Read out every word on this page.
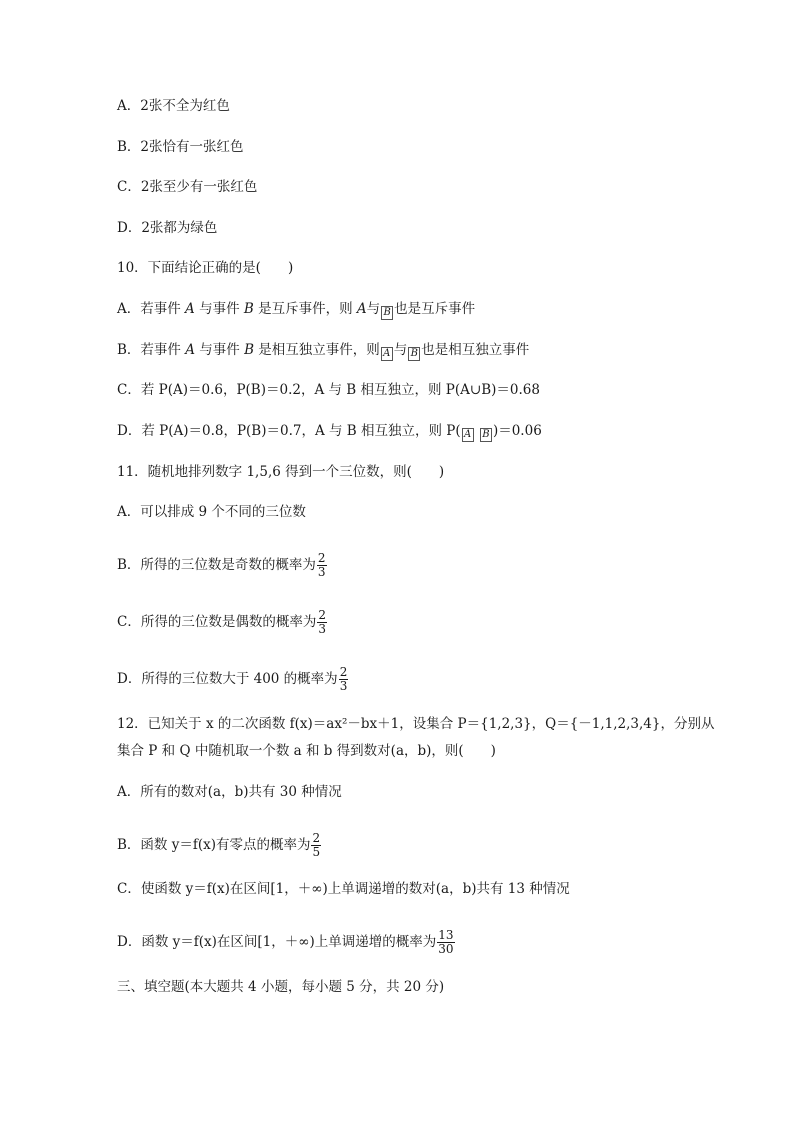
A．2张不全为红色
B．2张恰有一张红色
C．2张至少有一张红色
D．2张都为绿色
10．下面结论正确的是(　　)
A．若事件 A 与事件 B 是互斥事件，则 A与 B 也是互斥事件
B．若事件 A 与事件 B 是相互独立事件，则 A 与 B 也是相互独立事件
C．若 P(A)＝0.6，P(B)＝0.2，A 与 B 相互独立，则 P(A∪B)＝0.68
D．若 P(A)＝0.8，P(B)＝0.7，A 与 B 相互独立，则 P( A B )＝0.06
11．随机地排列数字 1,5,6 得到一个三位数，则(　　)
A．可以排成 9 个不同的三位数
B．所得的三位数是奇数的概率为 $\frac{2}{3}$
C．所得的三位数是偶数的概率为 $\frac{2}{3}$
D．所得的三位数大于 400 的概率为 $\frac{2}{3}$
12．已知关于 x 的二次函数 f(x)＝ax²－bx＋1，设集合 P＝{1,2,3}，Q＝{－1,1,2,3,4}，分别从
集合 P 和 Q 中随机取一个数 a 和 b 得到数对(a，b)，则(　　)
A．所有的数对(a，b)共有 30 种情况
B．函数 y＝f(x)有零点的概率为 $\frac{2}{5}$
C．使函数 y＝f(x)在区间[1，＋∞)上单调递增的数对(a，b)共有 13 种情况
D．函数 y＝f(x)在区间[1，＋∞)上单调递增的概率为 $\frac{13}{30}$
三、填空题(本大题共 4 小题，每小题 5 分，共 20 分)
